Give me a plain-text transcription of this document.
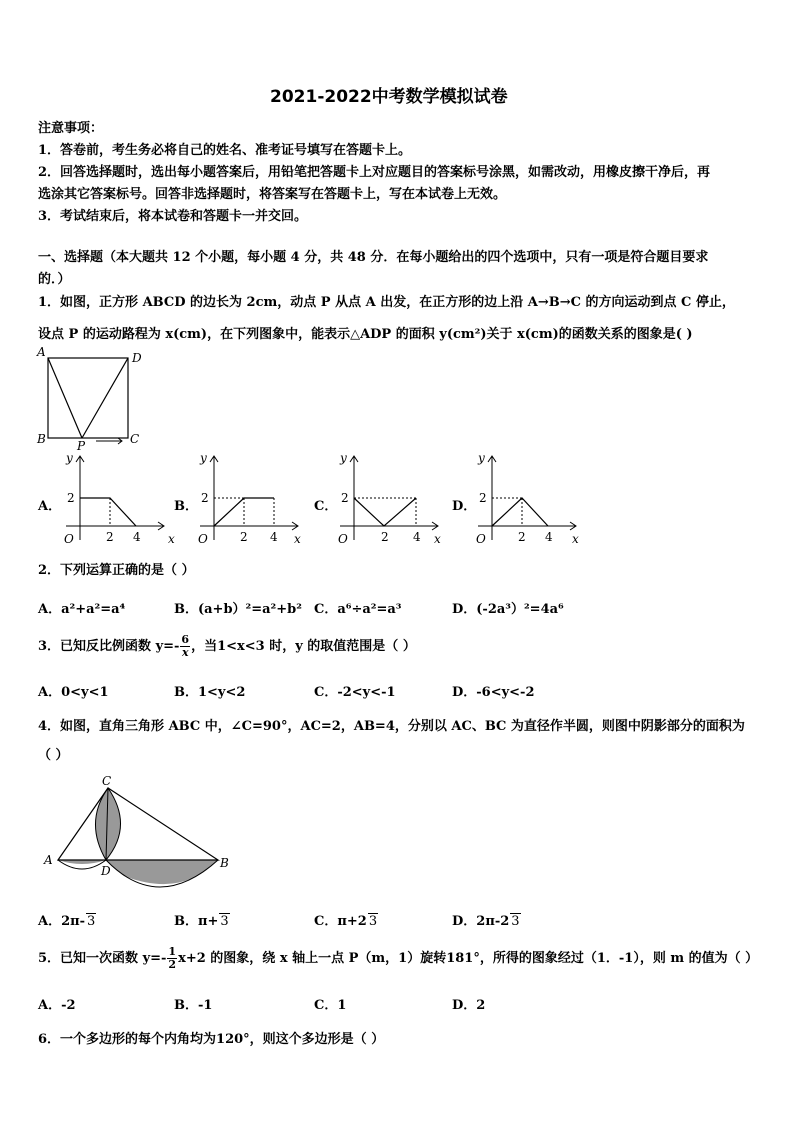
2021-2022中考数学模拟试卷
注意事项：
1．答卷前，考生务必将自己的姓名、准考证号填写在答题卡上。
2．回答选择题时，选出每小题答案后，用铅笔把答题卡上对应题目的答案标号涂黑，如需改动，用橡皮擦干净后，再
选涂其它答案标号。回答非选择题时，将答案写在答题卡上，写在本试卷上无效。
3．考试结束后，将本试卷和答题卡一并交回。
一、选择题（本大题共 12 个小题，每小题 4 分，共 48 分．在每小题给出的四个选项中，只有一项是符合题目要求
的．）
1．如图，正方形 ABCD 的边长为 2cm，动点 P 从点 A 出发，在正方形的边上沿 A→B→C 的方向运动到点 C 停止，
设点 P 的运动路程为 x(cm)，在下列图象中，能表示△ADP 的面积 y(cm²)关于 x(cm)的函数关系的图象是( )
A	D
B	C
P
A．
y
x
O
2
2 4
B．
y
x
O
2
2 4
C．
y
x
O
2
2 4
D．
y
x
O
2
2 4
2．下列运算正确的是（ ）
A．a²+a²=a⁴	B．(a+b）²=a²+b² C．a⁶÷a²=a³	D．(-2a³）²=4a⁶
3．已知反比例函数 $y=- \frac{6}{x}$ ，当1<x<3 时，y 的取值范围是（ ）
A．0<y<1	B．1<y<2	C．-2<y<-1	D．-6<y<-2
4．如图，直角三角形 ABC 中，∠C=90°，AC=2，AB=4，分别以 AC、BC 为直径作半圆，则图中阴影部分的面积为
（ ）
C
A	B
D
A．2π- 3	B．π+ 3	C．π+2 3	D．2π-2 3
5．已知一次函数 $y=- \frac{1}{2} x+2$ 的图象，绕 x 轴上一点 P（m，1）旋转181°，所得的图象经过（1．-1），则 m 的值为（ ）
A．-2	B．-1	C．1	D．2
6．一个多边形的每个内角均为120°，则这个多边形是（ ）
